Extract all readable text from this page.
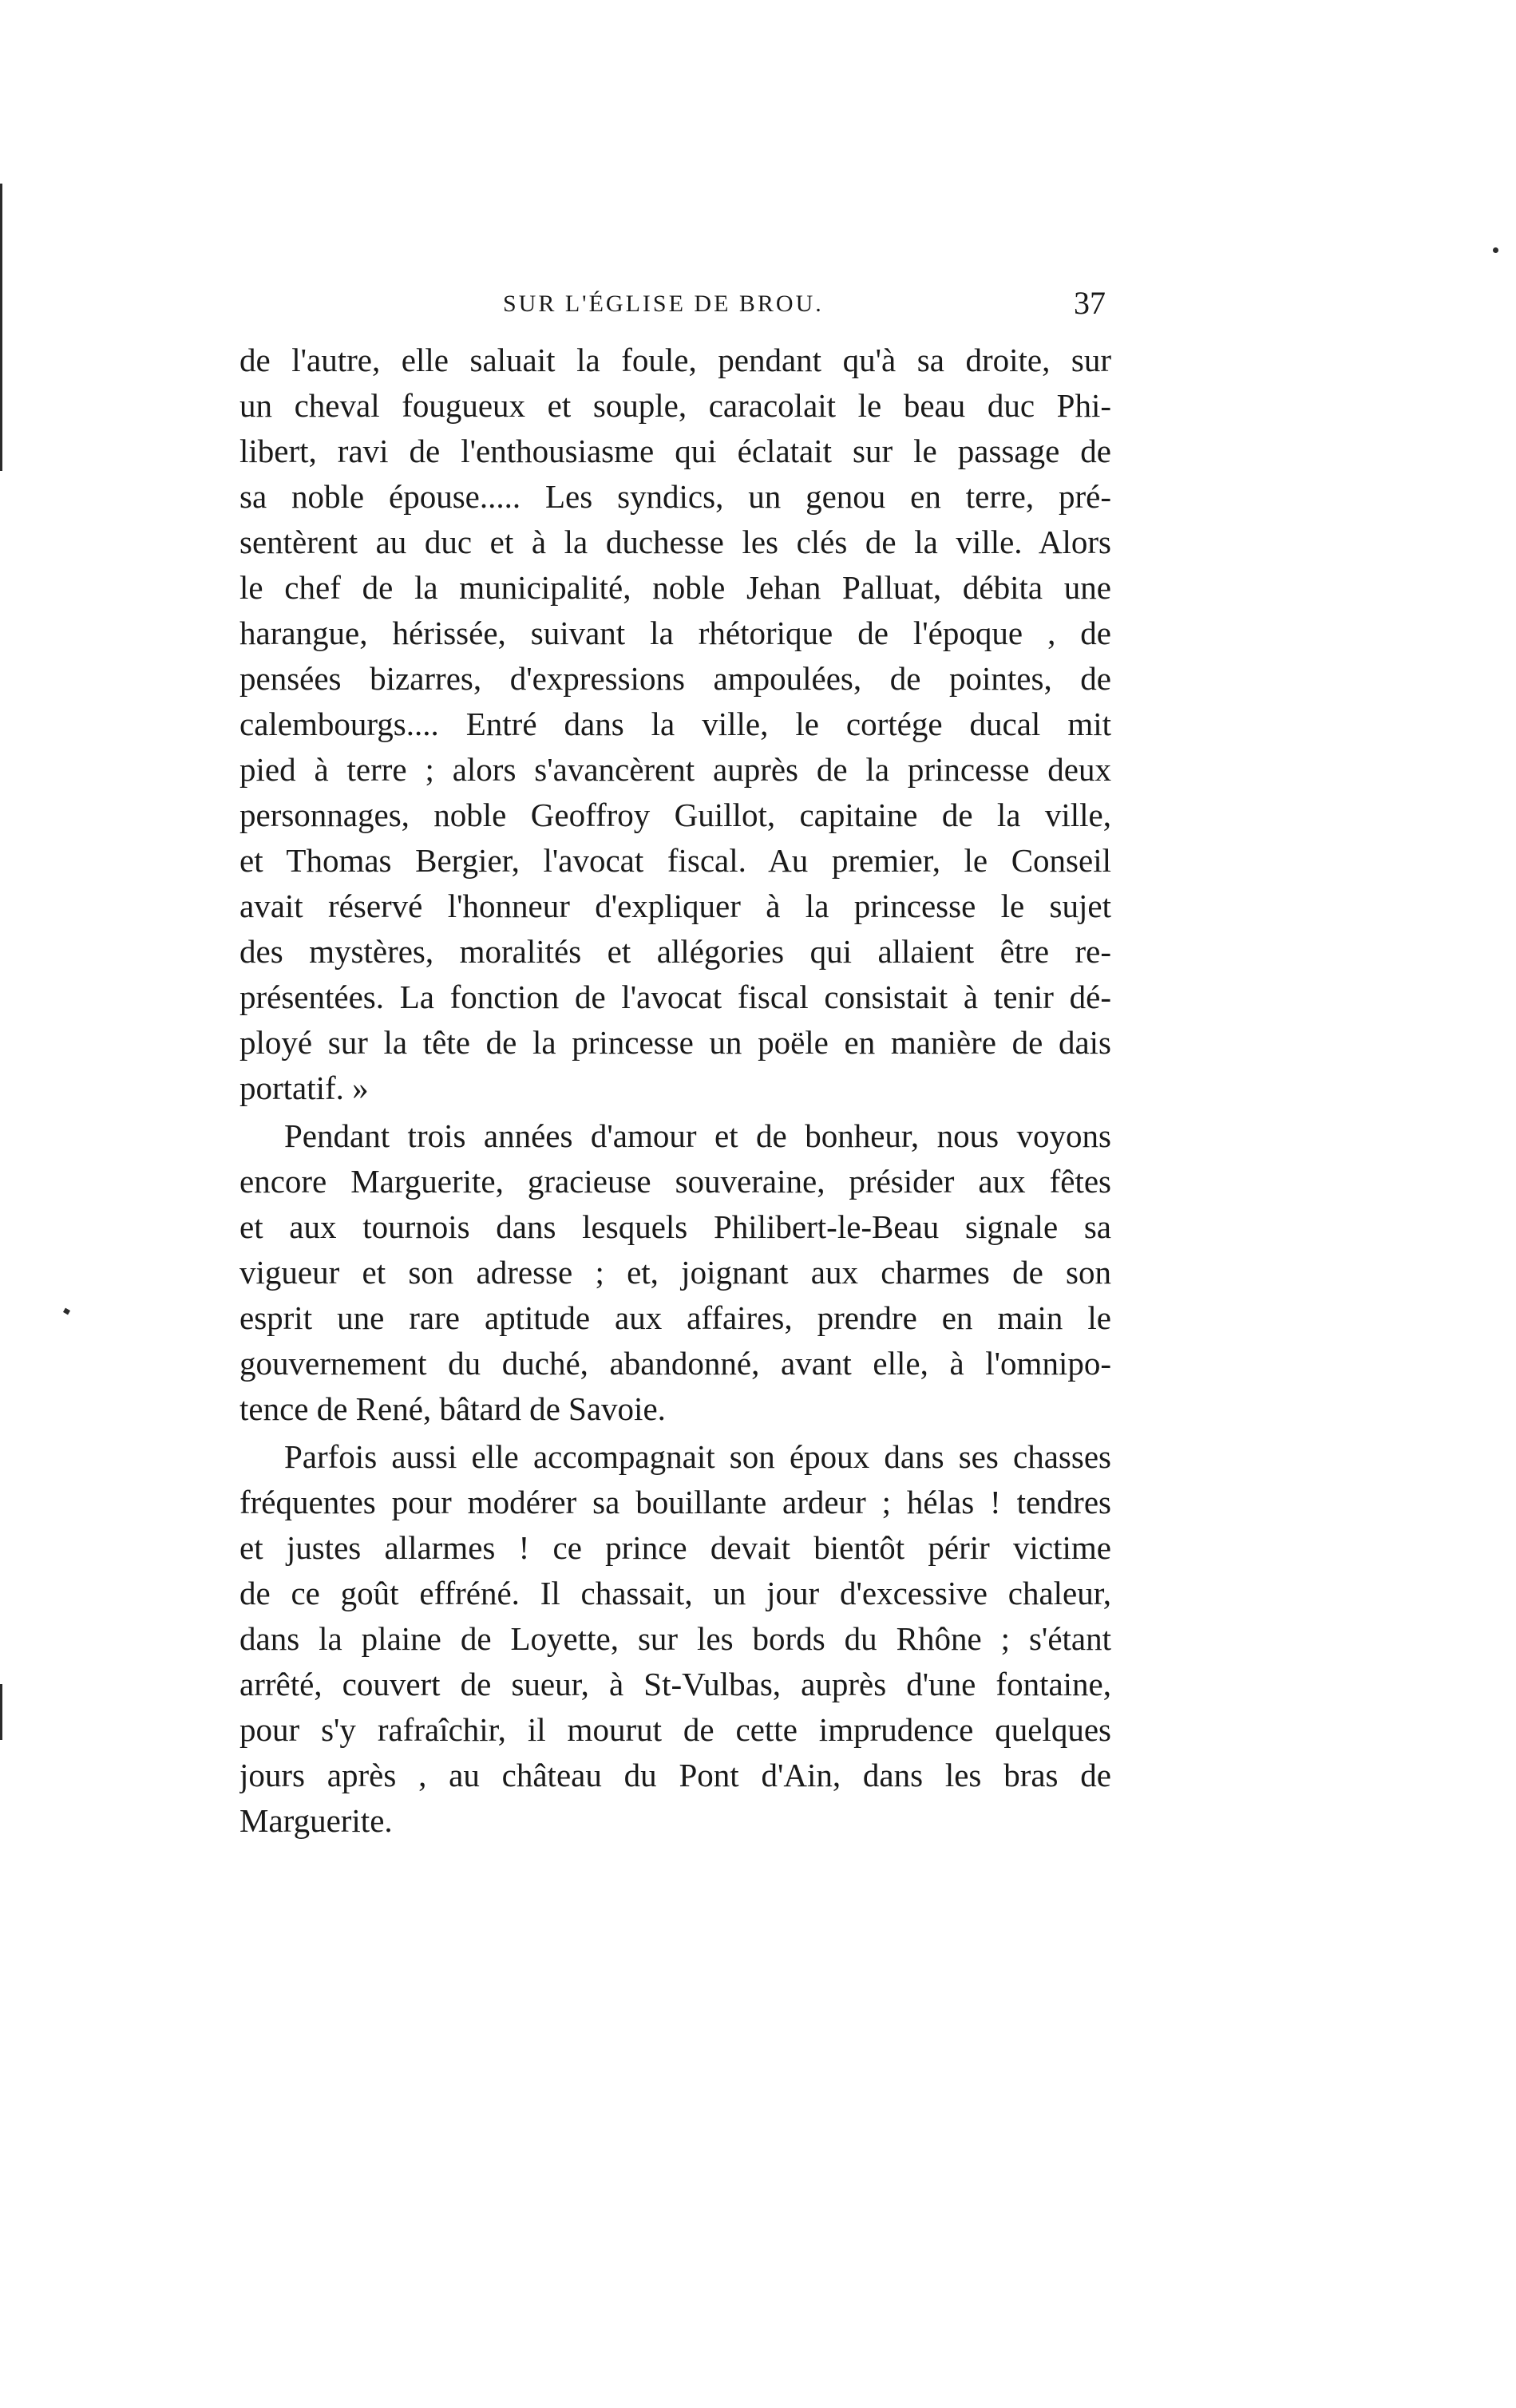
SUR L'ÉGLISE DE BROU.	37
de l'autre, elle saluait la foule, pendant qu'à sa droite, sur
un cheval fougueux et souple, caracolait le beau duc Phi-
libert, ravi de l'enthousiasme qui éclatait sur le passage de
sa noble épouse..... Les syndics, un genou en terre, pré-
sentèrent au duc et à la duchesse les clés de la ville. Alors
le chef de la municipalité, noble Jehan Palluat, débita une
harangue, hérissée, suivant la rhétorique de l'époque , de
pensées bizarres, d'expressions ampoulées, de pointes, de
calembourgs.... Entré dans la ville, le cortége ducal mit
pied à terre ; alors s'avancèrent auprès de la princesse deux
personnages, noble Geoffroy Guillot, capitaine de la ville,
et Thomas Bergier, l'avocat fiscal. Au premier, le Conseil
avait réservé l'honneur d'expliquer à la princesse le sujet
des mystères, moralités et allégories qui allaient être re-
présentées. La fonction de l'avocat fiscal consistait à tenir dé-
ployé sur la tête de la princesse un poële en manière de dais
portatif. »
Pendant trois années d'amour et de bonheur, nous voyons
encore Marguerite, gracieuse souveraine, présider aux fêtes
et aux tournois dans lesquels Philibert-le-Beau signale sa
vigueur et son adresse ; et, joignant aux charmes de son
esprit une rare aptitude aux affaires, prendre en main le
gouvernement du duché, abandonné, avant elle, à l'omnipo-
tence de René, bâtard de Savoie.
Parfois aussi elle accompagnait son époux dans ses chasses
fréquentes pour modérer sa bouillante ardeur ; hélas ! tendres
et justes allarmes ! ce prince devait bientôt périr victime
de ce goût effréné. Il chassait, un jour d'excessive chaleur,
dans la plaine de Loyette, sur les bords du Rhône ; s'étant
arrêté, couvert de sueur, à St-Vulbas, auprès d'une fontaine,
pour s'y rafraîchir, il mourut de cette imprudence quelques
jours après , au château du Pont d'Ain, dans les bras de
Marguerite.
